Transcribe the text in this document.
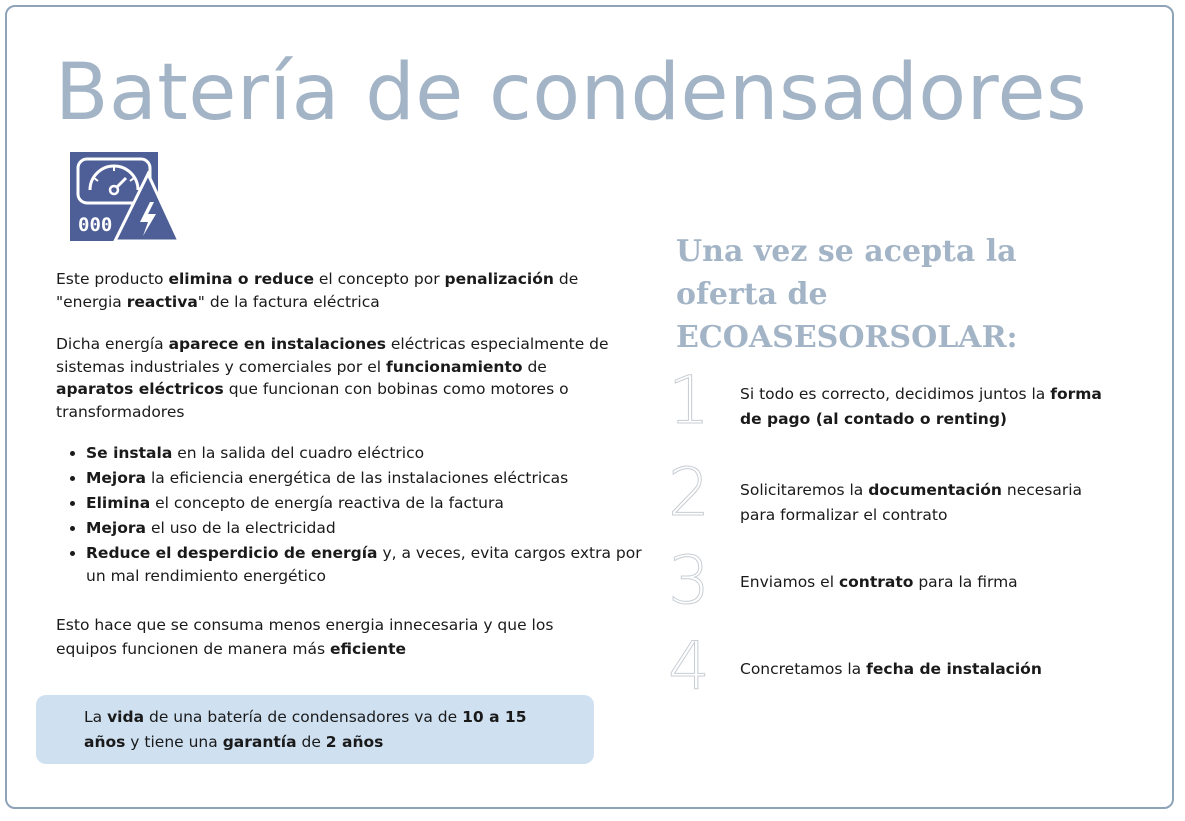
Batería de condensadores
000

Este producto elimina o reduce el concepto por penalización de "energia reactiva" de la factura eléctrica

Dicha energía aparece en instalaciones eléctricas especialmente de sistemas industriales y comerciales por el funcionamiento de aparatos eléctricos que funcionan con bobinas como motores o transformadores

• Se instala en la salida del cuadro eléctrico
• Mejora la eficiencia energética de las instalaciones eléctricas
• Elimina el concepto de energía reactiva de la factura
• Mejora el uso de la electricidad
• Reduce el desperdicio de energía y, a veces, evita cargos extra por un mal rendimiento energético

Esto hace que se consuma menos energia innecesaria y que los equipos funcionen de manera más eficiente

La vida de una batería de condensadores va de 10 a 15 años y tiene una garantía de 2 años

Una vez se acepta la oferta de ECOASESORSOLAR:
1 Si todo es correcto, decidimos juntos la forma de pago (al contado o renting)
2 Solicitaremos la documentación necesaria para formalizar el contrato
3 Enviamos el contrato para la firma
4 Concretamos la fecha de instalación
